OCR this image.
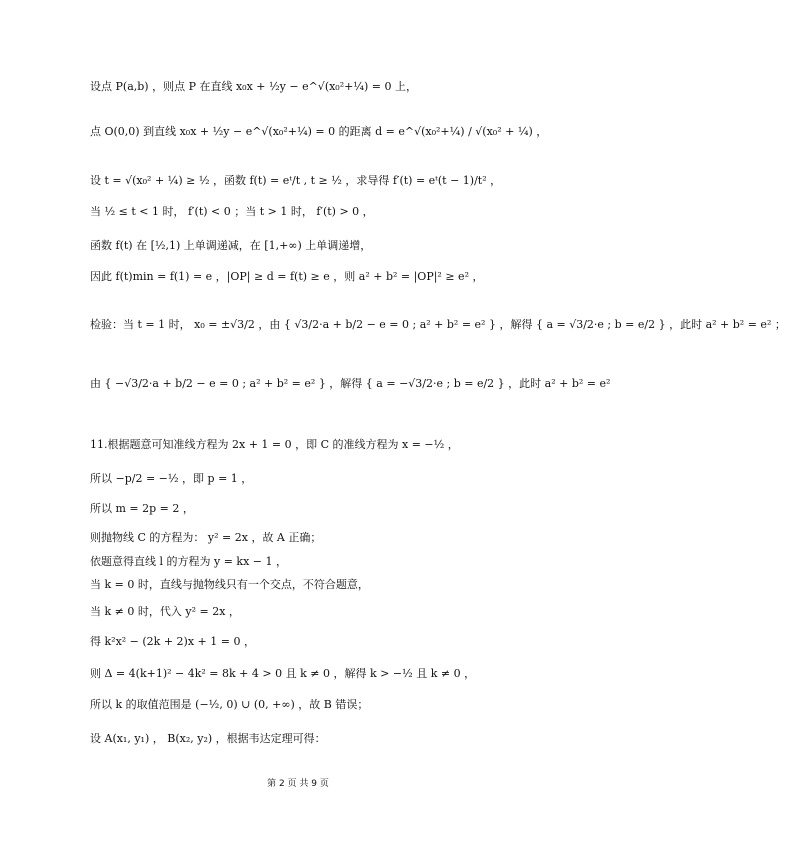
设点 P(a,b) ，则点 P 在直线 x₀x + ½y − e^√(x₀²+¼) = 0 上，
点 O(0,0) 到直线 x₀x + ½y − e^√(x₀²+¼) = 0 的距离 d = e^√(x₀²+¼) / √(x₀² + ¼) ，
设 t = √(x₀² + ¼) ≥ ½ ，函数 f(t) = eᵗ/t , t ≥ ½ ，求导得 f′(t) = eᵗ(t − 1)/t² ，
当 ½ ≤ t < 1 时， f′(t) < 0 ；当 t > 1 时， f′(t) > 0 ，
函数 f(t) 在 [½,1) 上单调递减，在 [1,+∞) 上单调递增，
因此 f(t)min = f(1) = e ，|OP| ≥ d = f(t) ≥ e ，则 a² + b² = |OP|² ≥ e² ，
检验：当 t = 1 时， x₀ = ±√3/2 ，由 { √3/2·a + b/2 − e = 0 ; a² + b² = e² } ，解得 { a = √3/2·e ; b = e/2 } ，此时 a² + b² = e² ；
由 { −√3/2·a + b/2 − e = 0 ; a² + b² = e² } ，解得 { a = −√3/2·e ; b = e/2 } ，此时 a² + b² = e²
11.根据题意可知准线方程为 2x + 1 = 0 ，即 C 的准线方程为 x = −½ ，
所以 −p/2 = −½ ，即 p = 1 ，
所以 m = 2p = 2 ，
则抛物线 C 的方程为： y² = 2x ，故 A 正确；
依题意得直线 l 的方程为 y = kx − 1 ，
当 k = 0 时，直线与抛物线只有一个交点，不符合题意，
当 k ≠ 0 时，代入 y² = 2x ，
得 k²x² − (2k + 2)x + 1 = 0 ，
则 Δ = 4(k+1)² − 4k² = 8k + 4 > 0 且 k ≠ 0 ，解得 k > −½ 且 k ≠ 0 ，
所以 k 的取值范围是 (−½, 0) ∪ (0, +∞) ，故 B 错误；
设 A(x₁, y₁) ， B(x₂, y₂) ，根据韦达定理可得：
第 2 页 共 9 页
